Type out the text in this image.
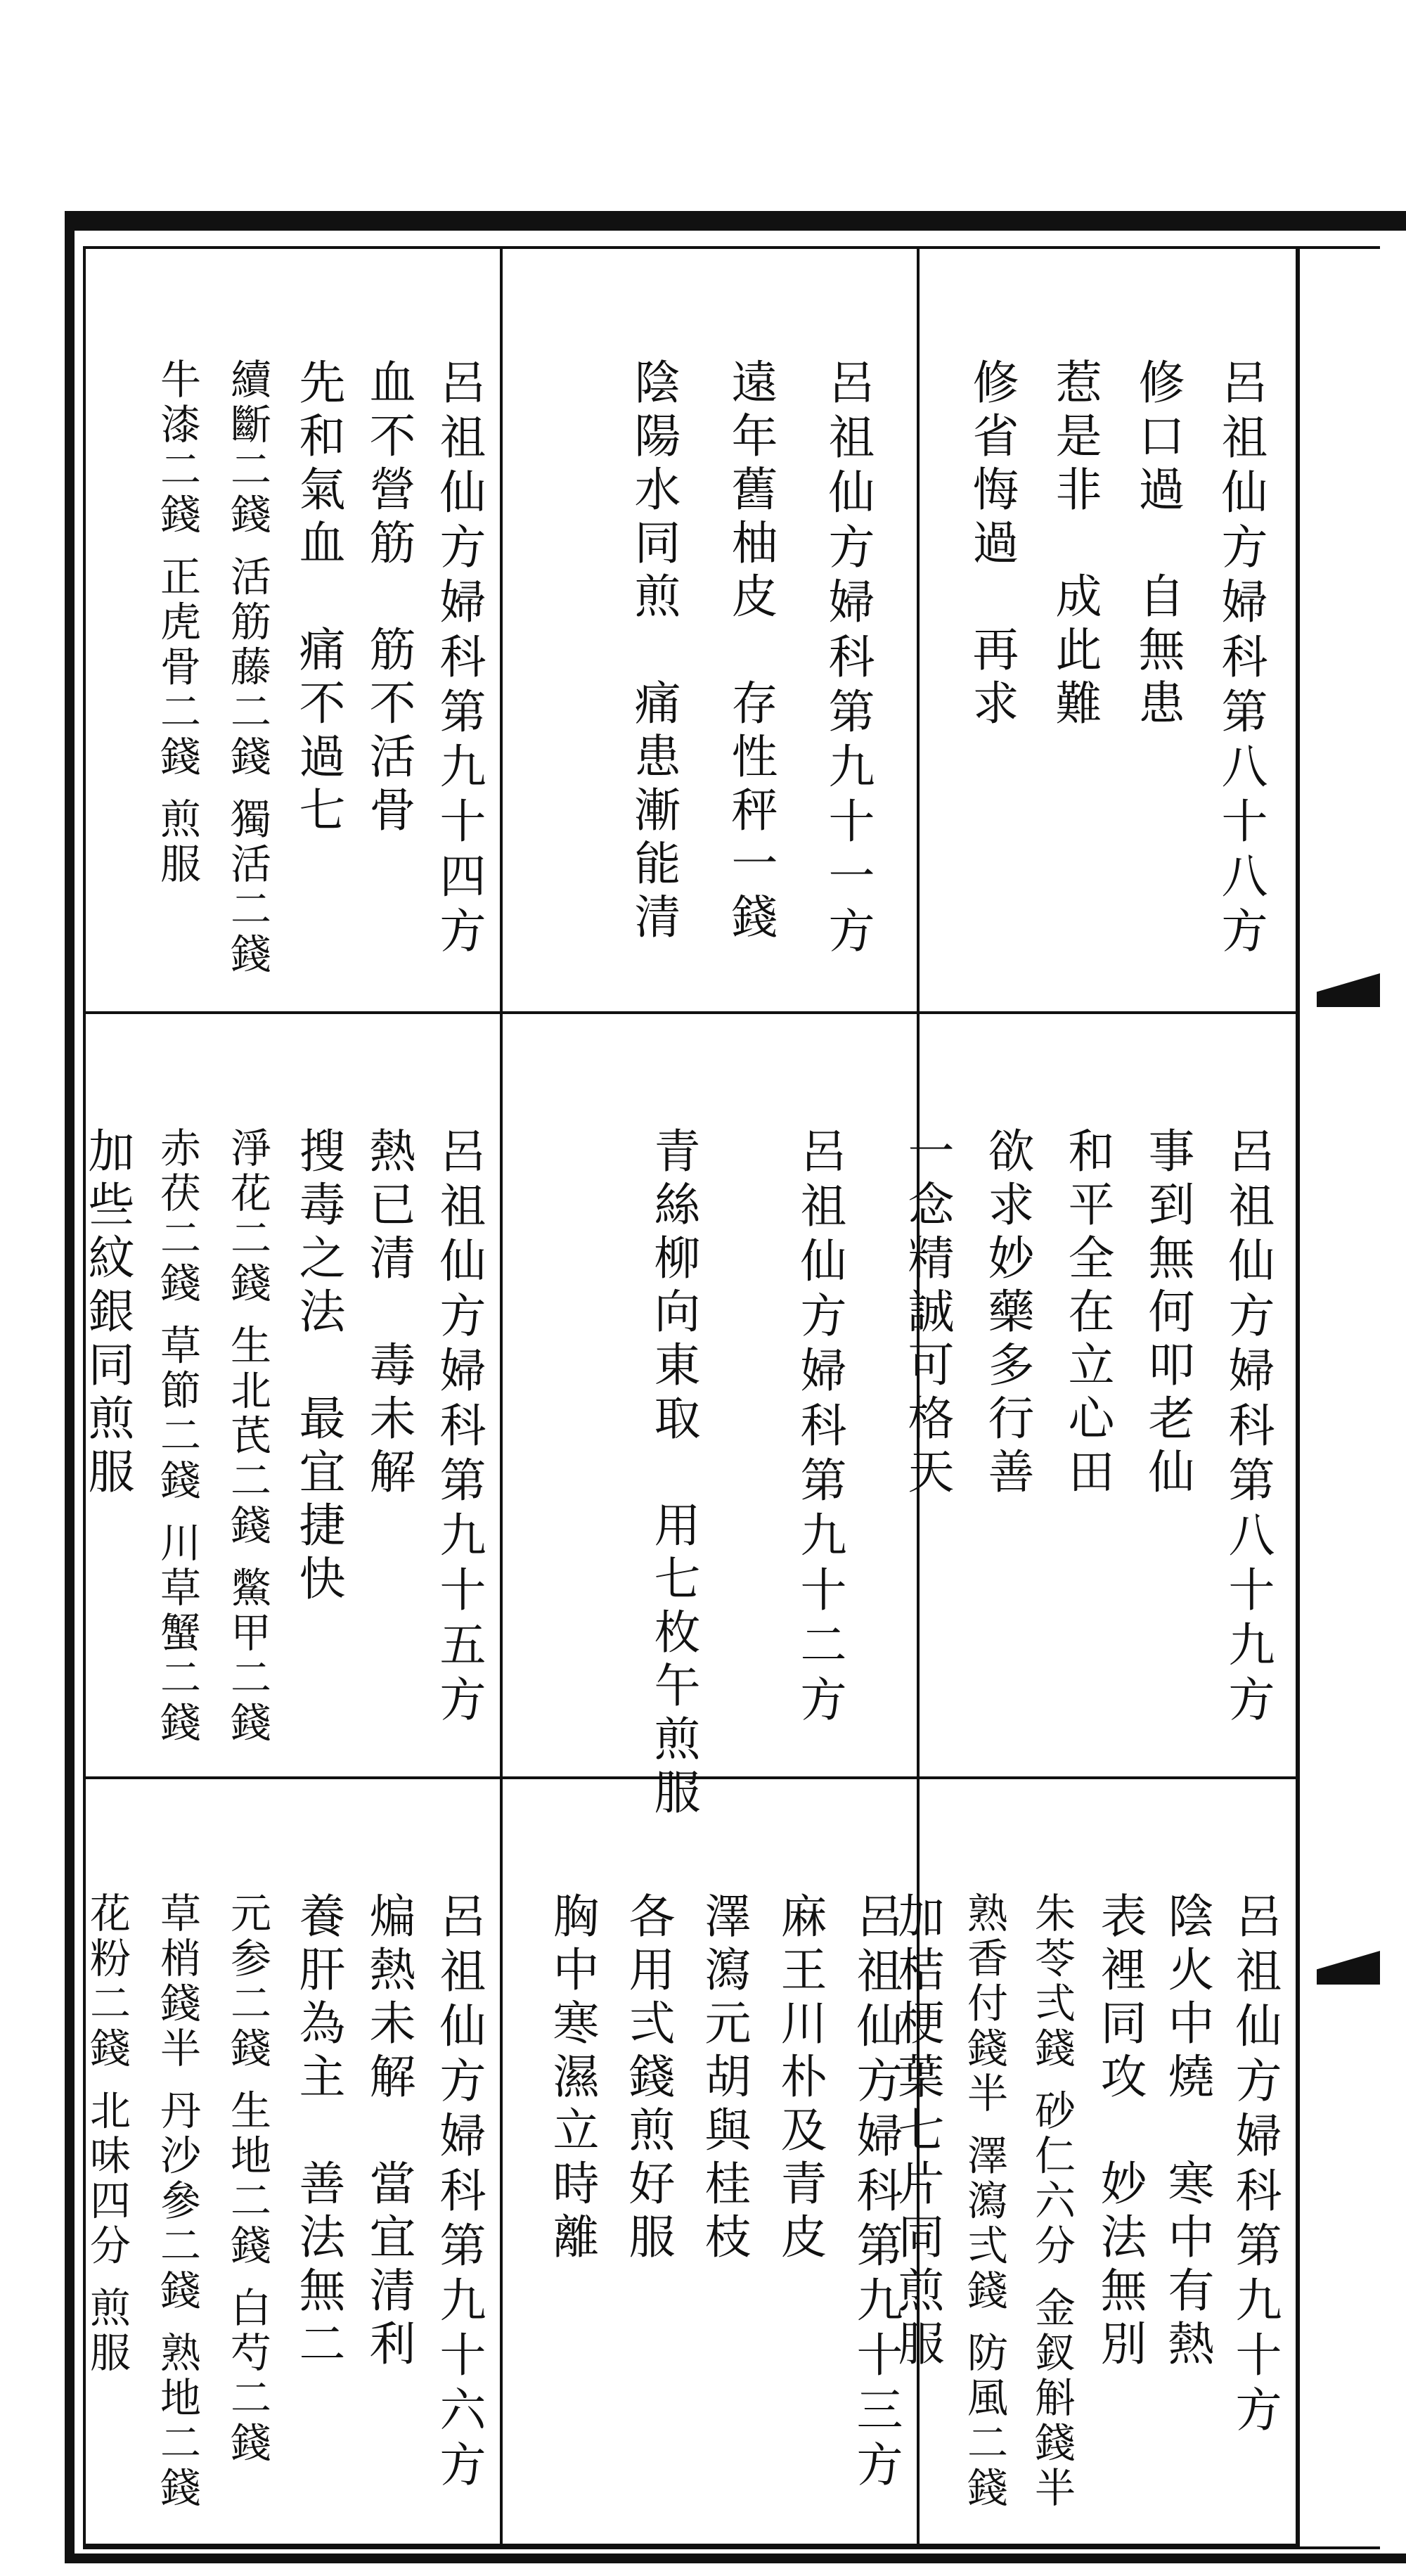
呂祖仙方婦科第九十四方
血不營筋　筋不活骨
先和氣血　痛不過七
續斷二錢 活筋藤二錢 獨活二錢
牛漆二錢 正虎骨二錢 煎服	呂祖仙方婦科第九十一方
遠年舊柚皮　存性秤一錢
陰陽水同煎　痛患漸能清	呂祖仙方婦科第八十八方
修口過　自無患
惹是非　成此難
修省悔過　再求
呂祖仙方婦科第九十五方
熱已清　毒未解
搜毒之法　最宜捷快
淨花二錢 生北芪二錢 鱉甲二錢
赤茯二錢 草節二錢 川草蟹二錢
加些紋銀同煎服	呂祖仙方婦科第九十二方
青絲柳向東取　用七枚午煎服	呂祖仙方婦科第八十九方
事到無何叩老仙
和平全在立心田
欲求妙藥多行善
一念精誠可格天
呂祖仙方婦科第九十六方
煸熱未解　當宜清利
養肝為主　善法無二
元参二錢 生地二錢 白芍二錢
草梢錢半 丹沙參二錢 熟地二錢
花粉二錢 北味四分 煎服	呂祖仙方婦科第九十三方
麻王川朴及青皮
澤瀉元胡與桂枝
各用弍錢煎好服
胸中寒濕立時離	呂祖仙方婦科第九十方
陰火中燒　寒中有熱
表裡同攻　妙法無別
朱苓弍錢 砂仁六分 金釵斛錢半
熟香付錢半 澤瀉弍錢 防風二錢
加桔梗葉七片同煎服
